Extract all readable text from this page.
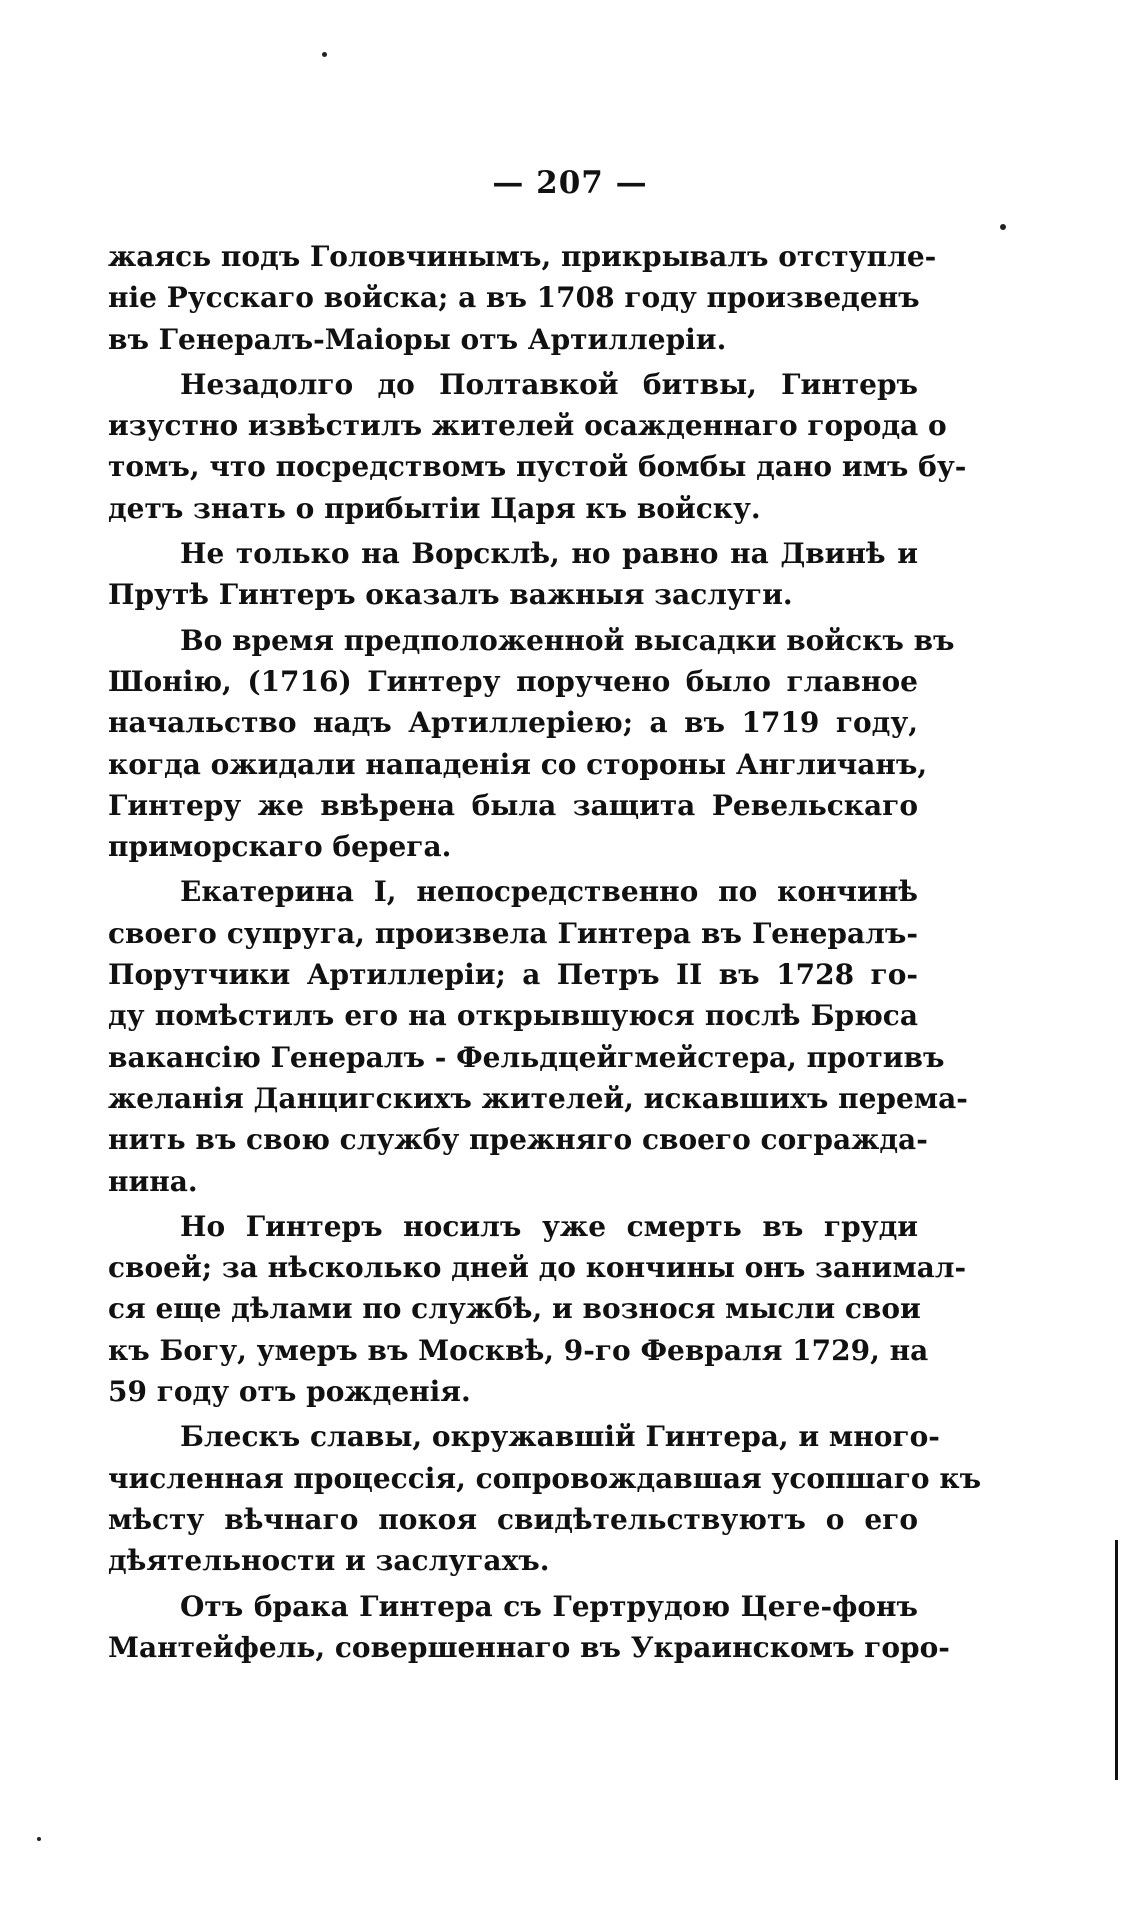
— 207 —
жаясь подъ Головчинымъ, прикрывалъ отступле-
ніе Русскаго войска; а въ 1708 году произведенъ
въ Генералъ-Маіоры отъ Артиллеріи.
Незадолго до Полтавкой битвы, Гинтеръ
изустно извѣстилъ жителей осажденнаго города о
томъ, что посредствомъ пустой бомбы дано имъ бу-
детъ знать о прибытіи Царя къ войску.
Не только на Ворсклѣ, но равно на Двинѣ и
Прутѣ Гинтеръ оказалъ важныя заслуги.
Во время предположенной высадки войскъ въ
Шонію, (1716) Гинтеру поручено было главное
начальство надъ Артиллеріею; а въ 1719 году,
когда ожидали нападенія со стороны Англичанъ,
Гинтеру же ввѣрена была защита Ревельскаго
приморскаго берега.
Екатерина I, непосредственно по кончинѣ
своего супруга, произвела Гинтера въ Генералъ-
Порутчики Артиллеріи; а Петръ II въ 1728 го-
ду помѣстилъ его на открывшуюся послѣ Брюса
вакансію Генералъ - Фельдцейгмейстера, противъ
желанія Данцигскихъ жителей, искавшихъ перема-
нить въ свою службу прежняго своего согражда-
нина.
Но Гинтеръ носилъ уже смерть въ груди
своей; за нѣсколько дней до кончины онъ занимал-
ся еще дѣлами по службѣ, и вознося мысли свои
къ Богу, умеръ въ Москвѣ, 9-го Февраля 1729, на
59 году отъ рожденія.
Блескъ славы, окружавшій Гинтера, и много-
численная процессія, сопровождавшая усопшаго къ
мѣсту вѣчнаго покоя свидѣтельствуютъ о его
дѣятельности и заслугахъ.
Отъ брака Гинтера съ Гертрудою Цеге-фонъ
Мантейфель, совершеннаго въ Украинскомъ горо-
